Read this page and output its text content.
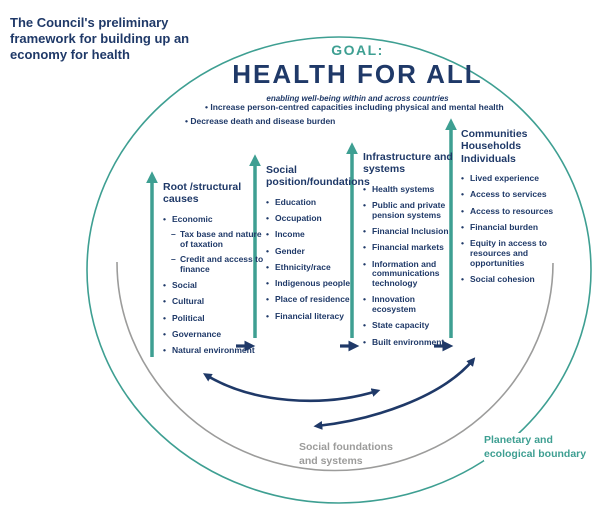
The Council's preliminary framework for building up an economy for health	GOAL:
HEALTH FOR ALL
enabling well-being within and across countries
• Increase person-centred capacities including physical and mental health
• Decrease death and disease burden
Root /structural causes
• Economic
– Tax base and nature of taxation
– Credit and access to finance
• Social
• Cultural
• Political
• Governance
• Natural environment
Social position/foundations
• Education
• Occupation
• Income
• Gender
• Ethnicity/race
• Indigenous people
• Place of residence
• Financial literacy
Infrastructure and systems
• Health systems
• Public and private pension systems
• Financial Inclusion
• Financial markets
• Information and communications technology
• Innovation ecosystem
• State capacity
• Built environment
Communities Households Individuals
• Lived experience
• Access to services
• Access to resources
• Financial burden
• Equity in access to resources and opportunities
• Social cohesion
Social foundations and systems
Planetary and ecological boundary
